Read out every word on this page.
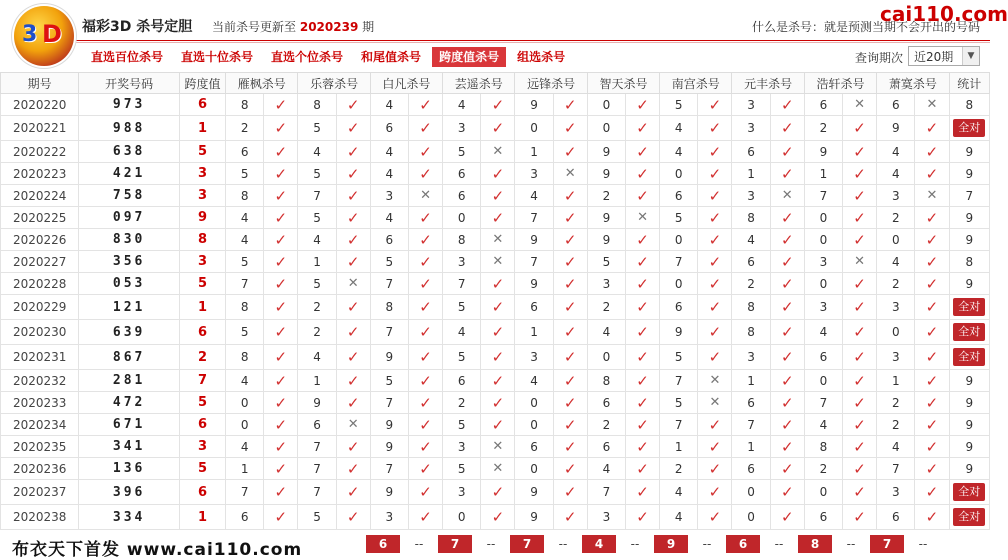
3 D 福彩3D 杀号定胆 当前杀号更新至 2020239 期	什么是杀号：就是预测当期不会开出的号码
cai110.com
直选百位杀号	直选十位杀号	直选个位杀号	和尾值杀号	跨度值杀号	组选杀号	查询期次 近20期	▼
期号	开奖号码	跨度值	雁枫杀号		乐蓉杀号		白凡杀号		芸遥杀号		远锋杀号		智天杀号		南宫杀号		元丰杀号		浩轩杀号		萧寞杀号		统计
2020220	973	6	8	✓	8	✓	4	✓	4	✓	9	✓	0	✓	5	✓	3	✓	6	✕	6	✕	8
2020221	988	1	2	✓	5	✓	6	✓	3	✓	0	✓	0	✓	4	✓	3	✓	2	✓	9	✓	全对
2020222	638	5	6	✓	4	✓	4	✓	5	✕	1	✓	9	✓	4	✓	6	✓	9	✓	4	✓	9
2020223	421	3	5	✓	5	✓	4	✓	6	✓	3	✕	9	✓	0	✓	1	✓	1	✓	4	✓	9
2020224	758	3	8	✓	7	✓	3	✕	6	✓	4	✓	2	✓	6	✓	3	✕	7	✓	3	✕	7
2020225	097	9	4	✓	5	✓	4	✓	0	✓	7	✓	9	✕	5	✓	8	✓	0	✓	2	✓	9
2020226	830	8	4	✓	4	✓	6	✓	8	✕	9	✓	9	✓	0	✓	4	✓	0	✓	0	✓	9
2020227	356	3	5	✓	1	✓	5	✓	3	✕	7	✓	5	✓	7	✓	6	✓	3	✕	4	✓	8
2020228	053	5	7	✓	5	✕	7	✓	7	✓	9	✓	3	✓	0	✓	2	✓	0	✓	2	✓	9
2020229	121	1	8	✓	2	✓	8	✓	5	✓	6	✓	2	✓	6	✓	8	✓	3	✓	3	✓	全对
2020230	639	6	5	✓	2	✓	7	✓	4	✓	1	✓	4	✓	9	✓	8	✓	4	✓	0	✓	全对
2020231	867	2	8	✓	4	✓	9	✓	5	✓	3	✓	0	✓	5	✓	3	✓	6	✓	3	✓	全对
2020232	281	7	4	✓	1	✓	5	✓	6	✓	4	✓	8	✓	7	✕	1	✓	0	✓	1	✓	9
2020233	472	5	0	✓	9	✓	7	✓	2	✓	0	✓	6	✓	5	✕	6	✓	7	✓	2	✓	9
2020234	671	6	0	✓	6	✕	9	✓	5	✓	0	✓	2	✓	7	✓	7	✓	4	✓	2	✓	9
2020235	341	3	4	✓	7	✓	9	✓	3	✕	6	✓	6	✓	1	✓	1	✓	8	✓	4	✓	9
2020236	136	5	1	✓	7	✓	7	✓	5	✕	0	✓	4	✓	2	✓	6	✓	2	✓	7	✓	9
2020237	396	6	7	✓	7	✓	9	✓	3	✓	9	✓	7	✓	4	✓	0	✓	0	✓	3	✓	全对
2020238	334	1	6	✓	5	✓	3	✓	0	✓	9	✓	3	✓	4	✓	0	✓	6	✓	6	✓	全对
布衣天下首发 www.cai110.com	6	--	7	--	7	--	4	--	9	--	6	--	8	--	7	--
